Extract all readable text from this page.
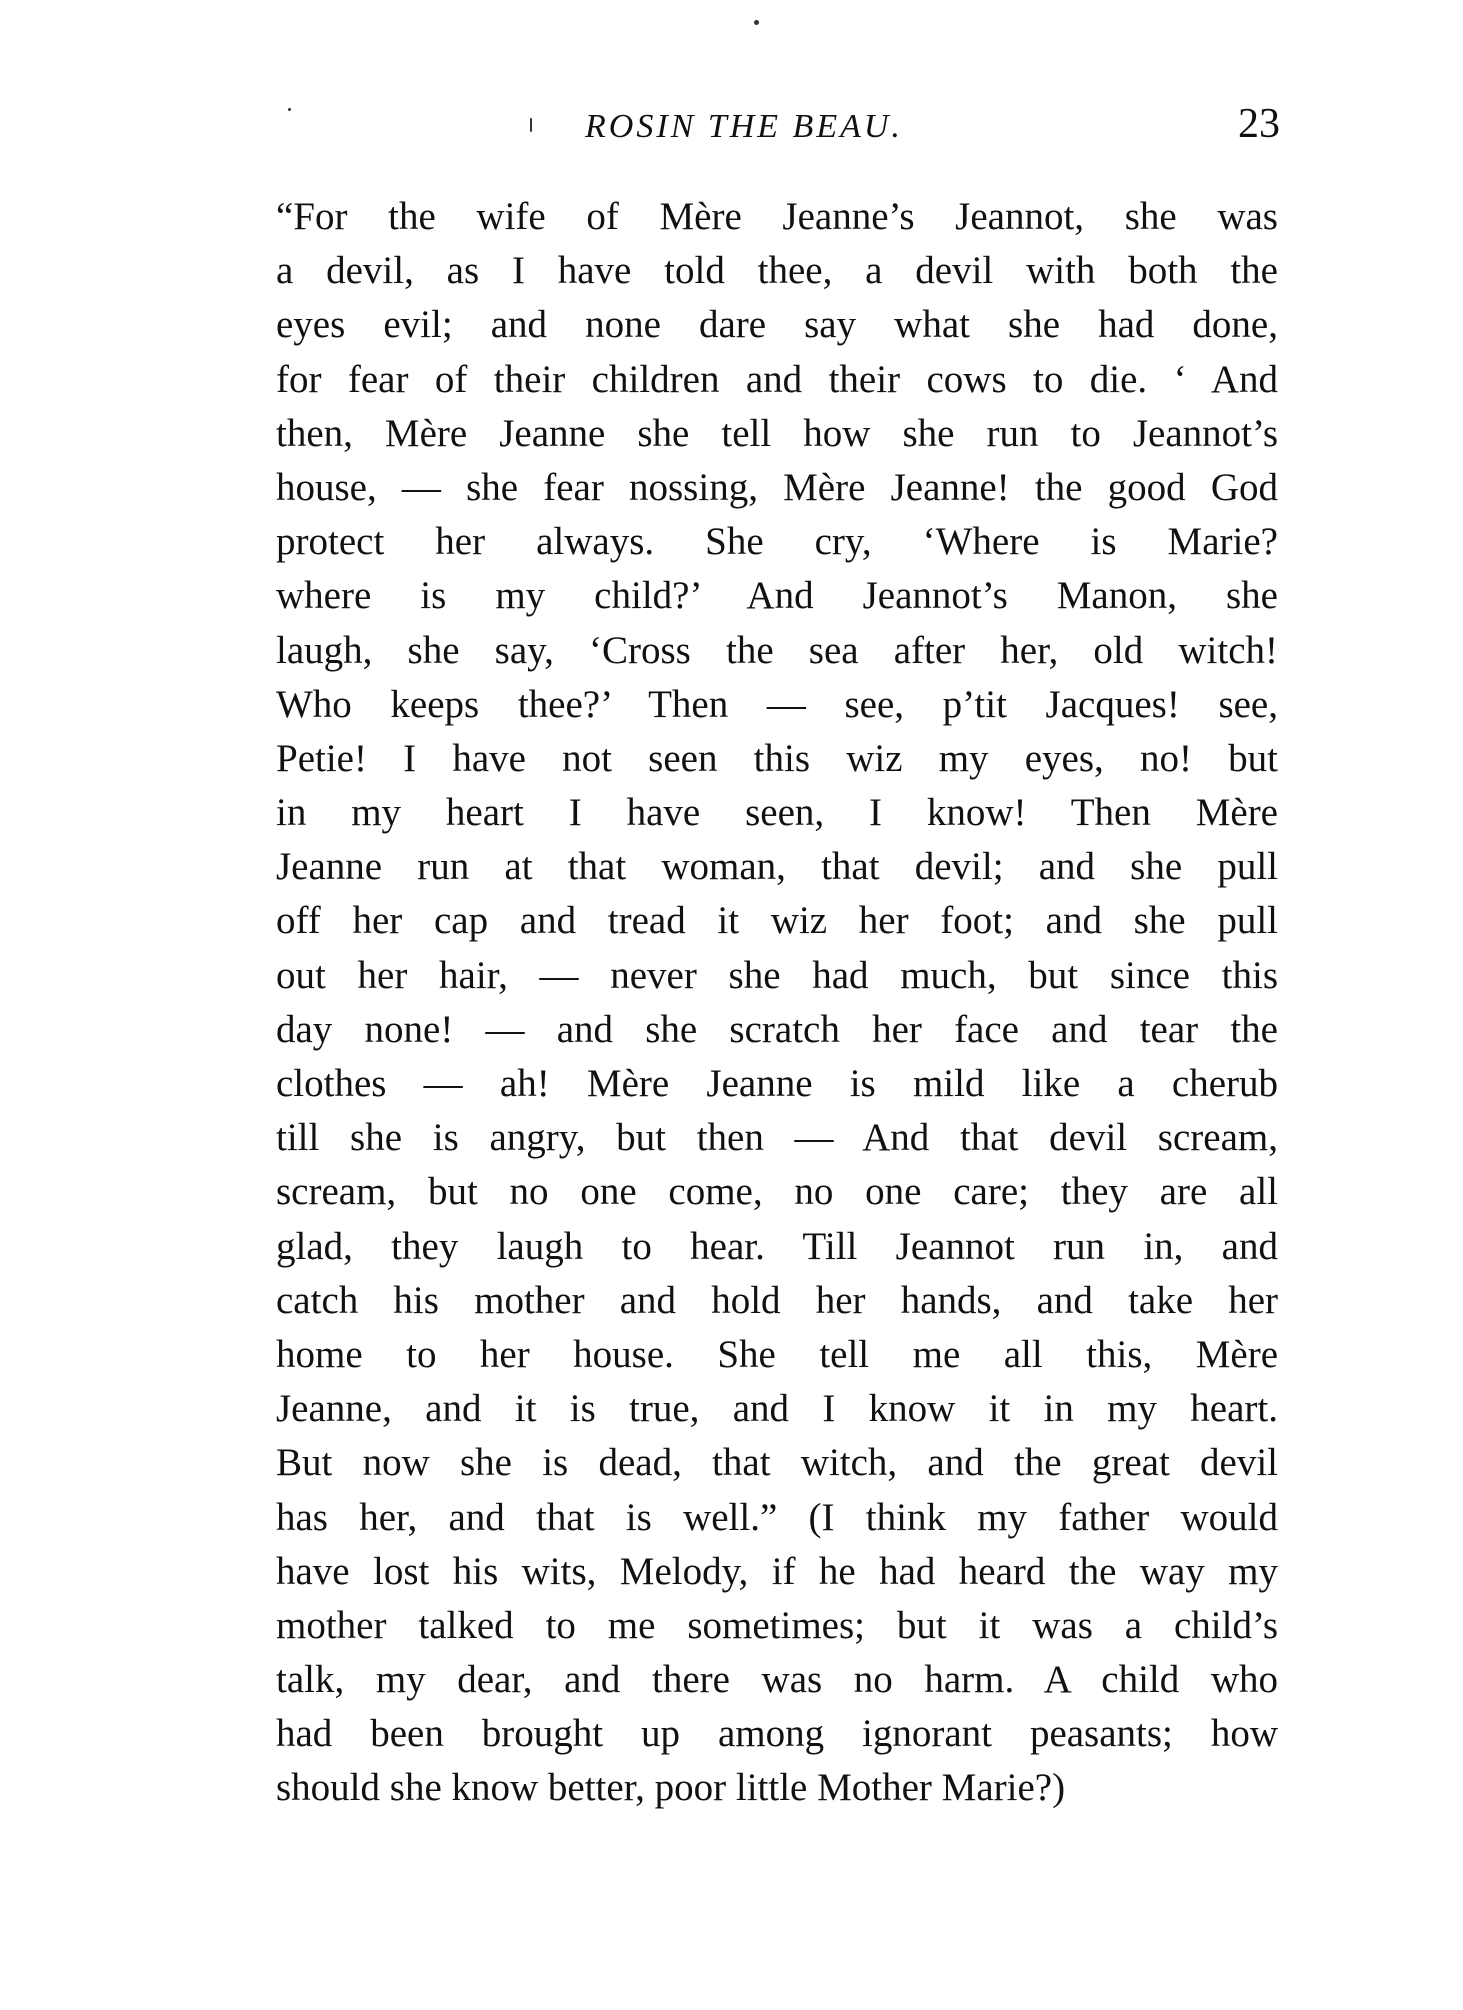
ROSIN THE BEAU.	23
“For the wife of Mère Jeanne’s Jeannot, she was
a devil, as I have told thee, a devil with both the
eyes evil; and none dare say what she had done,
for fear of their children and their cows to die. ‘ And
then, Mère Jeanne she tell how she run to Jeannot’s
house, — she fear nossing, Mère Jeanne! the good God
protect her always. She cry, ‘Where is Marie?
where is my child?’ And Jeannot’s Manon, she
laugh, she say, ‘Cross the sea after her, old witch!
Who keeps thee?’ Then — see, p’tit Jacques! see,
Petie! I have not seen this wiz my eyes, no! but
in my heart I have seen, I know! Then Mère
Jeanne run at that woman, that devil; and she pull
off her cap and tread it wiz her foot; and she pull
out her hair, — never she had much, but since this
day none! — and she scratch her face and tear the
clothes — ah! Mère Jeanne is mild like a cherub
till she is angry, but then — And that devil scream,
scream, but no one come, no one care; they are all
glad, they laugh to hear. Till Jeannot run in, and
catch his mother and hold her hands, and take her
home to her house. She tell me all this, Mère
Jeanne, and it is true, and I know it in my heart.
But now she is dead, that witch, and the great devil
has her, and that is well.” (I think my father would
have lost his wits, Melody, if he had heard the way my
mother talked to me sometimes; but it was a child’s
talk, my dear, and there was no harm. A child who
had been brought up among ignorant peasants; how
should she know better, poor little Mother Marie?)
